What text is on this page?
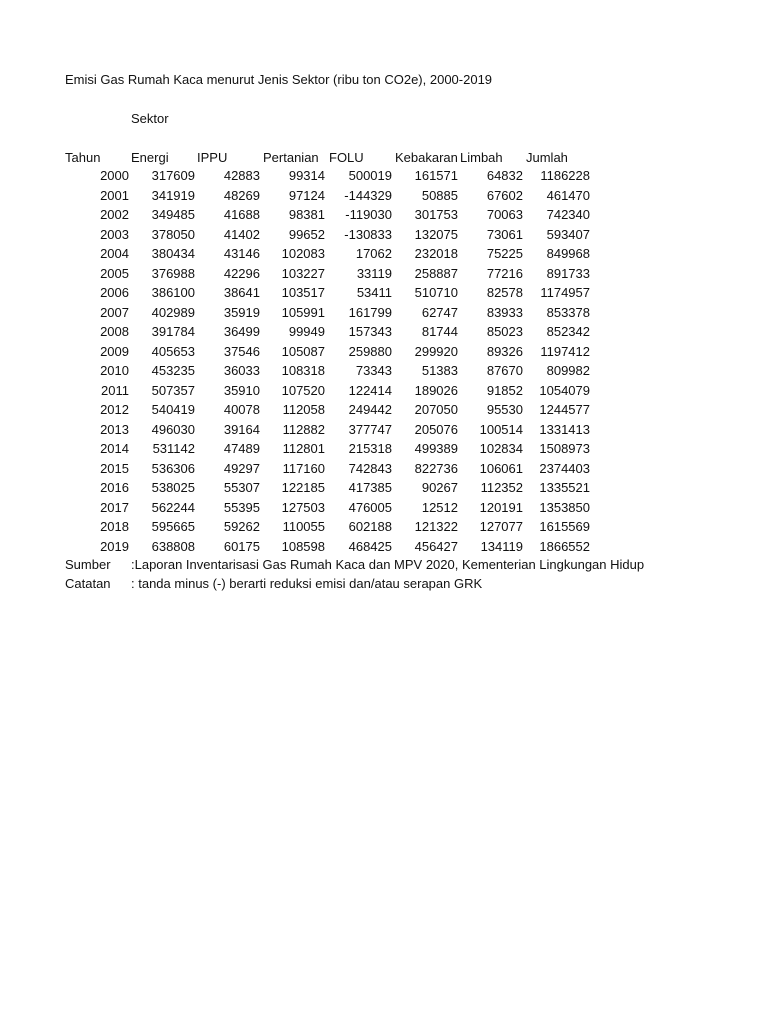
Emisi Gas Rumah Kaca menurut Jenis Sektor (ribu ton CO2e), 2000-2019
Sektor
Tahun Energi IPPU	Pertanian FOLU Kebakaran Limbah Jumlah
2000	317609	42883	99314	500019	161571	64832	1186228
2001	341919	48269	97124	-144329	50885	67602	461470
2002	349485	41688	98381	-119030	301753	70063	742340
2003	378050	41402	99652	-130833	132075	73061	593407
2004	380434	43146	102083	17062	232018	75225	849968
2005	376988	42296	103227	33119	258887	77216	891733
2006	386100	38641	103517	53411	510710	82578	1174957
2007	402989	35919	105991	161799	62747	83933	853378
2008	391784	36499	99949	157343	81744	85023	852342
2009	405653	37546	105087	259880	299920	89326	1197412
2010	453235	36033	108318	73343	51383	87670	809982
2011	507357	35910	107520	122414	189026	91852	1054079
2012	540419	40078	112058	249442	207050	95530	1244577
2013	496030	39164	112882	377747	205076	100514	1331413
2014	531142	47489	112801	215318	499389	102834	1508973
2015	536306	49297	117160	742843	822736	106061	2374403
2016	538025	55307	122185	417385	90267	112352	1335521
2017	562244	55395	127503	476005	12512	120191	1353850
2018	595665	59262	110055	602188	121322	127077	1615569
2019	638808	60175	108598	468425	456427	134119	1866552
Sumber :Laporan Inventarisasi Gas Rumah Kaca dan MPV 2020, Kementerian Lingkungan Hidup
Catatan : tanda minus (-) berarti reduksi emisi dan/atau serapan GRK
